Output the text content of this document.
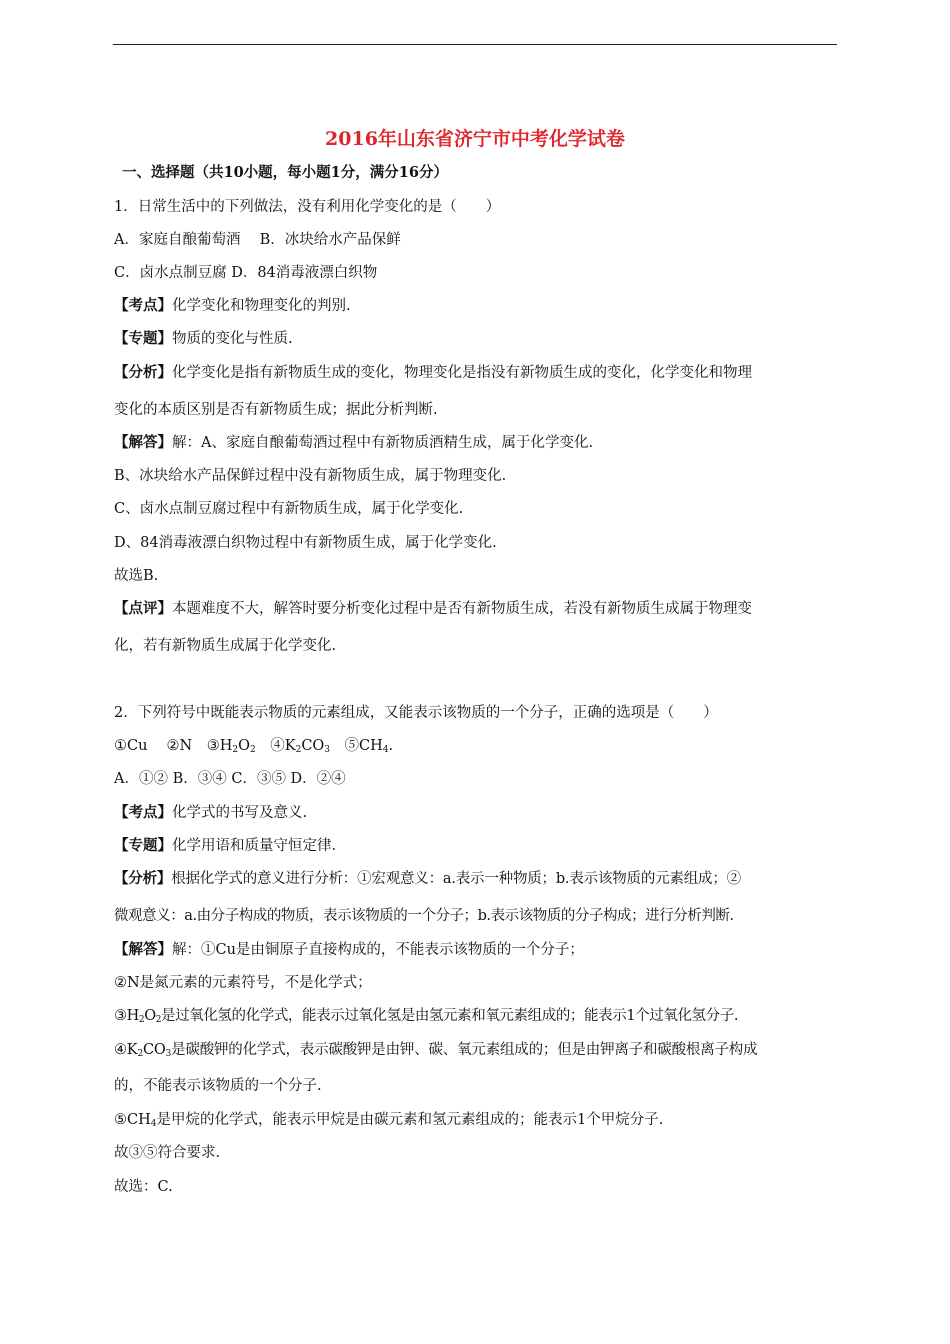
2016年山东省济宁市中考化学试卷
一、选择题（共10小题，每小题1分，满分16分）
1．日常生活中的下列做法，没有利用化学变化的是（　　）
A．家庭自酿葡萄酒　 B．冰块给水产品保鲜
C．卤水点制豆腐 D．84消毒液漂白织物
【考点】化学变化和物理变化的判别.
【专题】物质的变化与性质.
【分析】化学变化是指有新物质生成的变化，物理变化是指没有新物质生成的变化，化学变化和物理
变化的本质区别是否有新物质生成；据此分析判断.
【解答】解：A、家庭自酿葡萄酒过程中有新物质酒精生成，属于化学变化.
B、冰块给水产品保鲜过程中没有新物质生成，属于物理变化.
C、卤水点制豆腐过程中有新物质生成，属于化学变化.
D、84消毒液漂白织物过程中有新物质生成，属于化学变化.
故选B.
【点评】本题难度不大，解答时要分析变化过程中是否有新物质生成，若没有新物质生成属于物理变
化，若有新物质生成属于化学变化.
2．下列符号中既能表示物质的元素组成，又能表示该物质的一个分子，正确的选项是（　　）
①Cu　 ②N　$③H_2O_2$　$④K_2CO_3$　$⑤CH_4$.
A．①② B．③④ C．③⑤ D．②④
【考点】化学式的书写及意义.
【专题】化学用语和质量守恒定律.
【分析】根据化学式的意义进行分析：①宏观意义：a.表示一种物质；b.表示该物质的元素组成；②
微观意义：a.由分子构成的物质，表示该物质的一个分子；b.表示该物质的分子构成；进行分析判断.
【解答】解：①Cu是由铜原子直接构成的，不能表示该物质的一个分子；
②N是氮元素的元素符号，不是化学式；
$③H_2O_2$是过氧化氢的化学式，能表示过氧化氢是由氢元素和氧元素组成的；能表示1个过氧化氢分子.
$④K_2CO_3$是碳酸钾的化学式，表示碳酸钾是由钾、碳、氧元素组成的；但是由钾离子和碳酸根离子构成
的，不能表示该物质的一个分子.
$⑤CH_4$是甲烷的化学式，能表示甲烷是由碳元素和氢元素组成的；能表示1个甲烷分子.
故③⑤符合要求.
故选：C.
